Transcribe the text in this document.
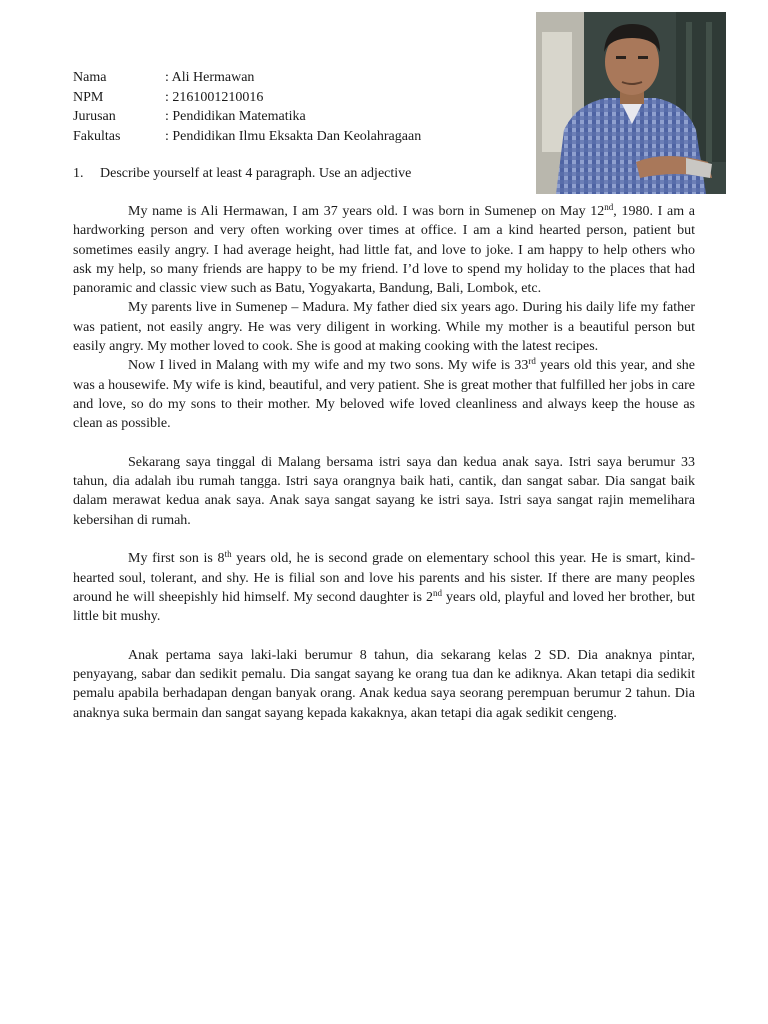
Nama	: Ali Hermawan
NPM	: 2161001210016
Jurusan	: Pendidikan Matematika
Fakultas	: Pendidikan Ilmu Eksakta Dan Keolahragaan
1. Describe yourself at least 4 paragraph. Use an adjective

My name is Ali Hermawan, I am 37 years old. I was born in Sumenep on May 12nd, 1980. I am a hardworking person and very often working over times at office. I am a kind hearted person, patient but sometimes easily angry. I had average height, had little fat, and love to joke. I am happy to help others who ask my help, so many friends are happy to be my friend. I’d love to spend my holiday to the places that had panoramic and classic view such as Batu, Yogyakarta, Bandung, Bali, Lombok, etc.

My parents live in Sumenep – Madura. My father died six years ago. During his daily life my father was patient, not easily angry. He was very diligent in working. While my mother is a beautiful person but easily angry. My mother loved to cook. She is good at making cooking with the latest recipes.

Now I lived in Malang with my wife and my two sons. My wife is 33rd years old this year, and she was a housewife. My wife is kind, beautiful, and very patient. She is great mother that fulfilled her jobs in care and love, so do my sons to their mother. My beloved wife loved cleanliness and always keep the house as clean as possible.

Sekarang saya tinggal di Malang bersama istri saya dan kedua anak saya. Istri saya berumur 33 tahun, dia adalah ibu rumah tangga. Istri saya orangnya baik hati, cantik, dan sangat sabar. Dia sangat baik dalam merawat kedua anak saya. Anak saya sangat sayang ke istri saya. Istri saya sangat rajin memelihara kebersihan di rumah.

My first son is 8th years old, he is second grade on elementary school this year. He is smart, kind-hearted soul, tolerant, and shy. He is filial son and love his parents and his sister. If there are many peoples around he will sheepishly hid himself. My second daughter is 2nd years old, playful and loved her brother, but little bit mushy.

Anak pertama saya laki-laki berumur 8 tahun, dia sekarang kelas 2 SD. Dia anaknya pintar, penyayang, sabar dan sedikit pemalu. Dia sangat sayang ke orang tua dan ke adiknya. Akan tetapi dia sedikit pemalu apabila berhadapan dengan banyak orang. Anak kedua saya seorang perempuan berumur 2 tahun. Dia anaknya suka bermain dan sangat sayang kepada kakaknya, akan tetapi dia agak sedikit cengeng.
